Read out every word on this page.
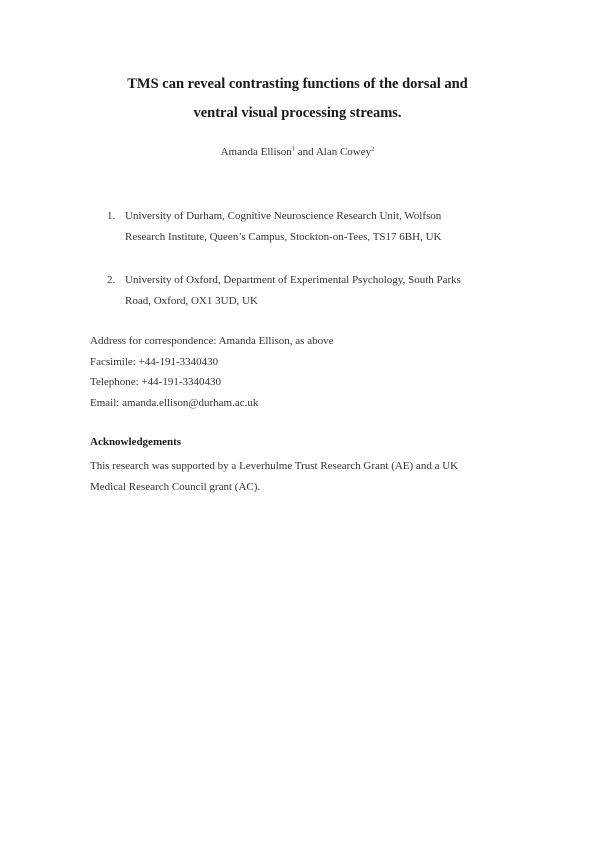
TMS can reveal contrasting functions of the dorsal and
ventral visual processing streams.
Amanda Ellison$^1$ and Alan Cowey$^2$
1. University of Durham, Cognitive Neuroscience Research Unit, Wolfson
Research Institute, Queen’s Campus, Stockton-on-Tees, TS17 6BH, UK
2. University of Oxford, Department of Experimental Psychology, South Parks
Road, Oxford, OX1 3UD, UK
Address for correspondence: Amanda Ellison, as above
Facsimile: +44-191-3340430
Telephone: +44-191-3340430
Email: amanda.ellison@durham.ac.uk
Acknowledgements
This research was supported by a Leverhulme Trust Research Grant (AE) and a UK
Medical Research Council grant (AC).
